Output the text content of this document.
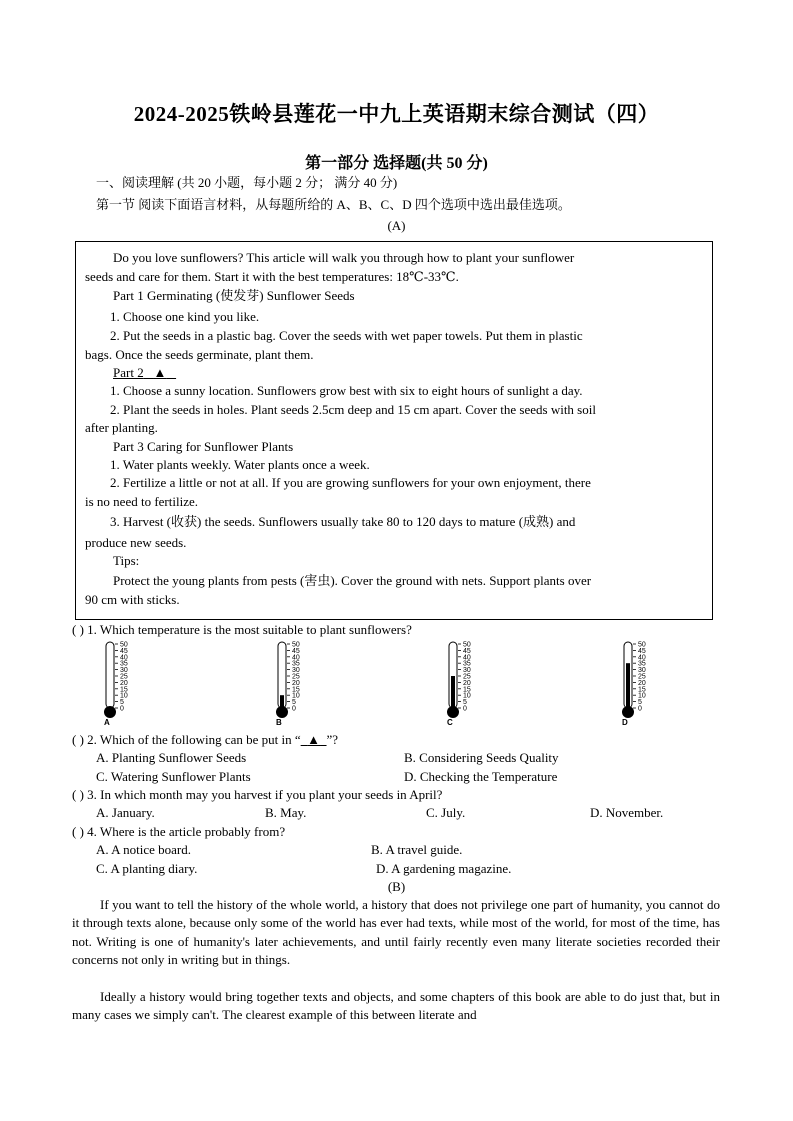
2024-2025铁岭县莲花一中九上英语期末综合测试（四）
第一部分 选择题(共 50 分)
一、阅读理解 (共 20 小题，每小题 2 分； 满分 40 分)
第一节 阅读下面语言材料，从每题所给的 A、B、C、D 四个选项中选出最佳选项。
(A)
Do you love sunflowers? This article will walk you through how to plant your sunflower
seeds and care for them. Start it with the best temperatures: 18℃-33℃.
Part 1 Germinating (使发芽) Sunflower Seeds
1. Choose one kind you like.
2. Put the seeds in a plastic bag. Cover the seeds with wet paper towels. Put them in plastic
bags. Once the seeds germinate, plant them.
Part 2 ▲
1. Choose a sunny location. Sunflowers grow best with six to eight hours of sunlight a day.
2. Plant the seeds in holes. Plant seeds 2.5cm deep and 15 cm apart. Cover the seeds with soil
after planting.
Part 3 Caring for Sunflower Plants
1. Water plants weekly. Water plants once a week.
2. Fertilize a little or not at all. If you are growing sunflowers for your own enjoyment, there
is no need to fertilize.
3. Harvest (收获) the seeds. Sunflowers usually take 80 to 120 days to mature (成熟) and
produce new seeds.
Tips:
Protect the young plants from pests (害虫). Cover the ground with nets. Support plants over
90 cm with sticks.
( ) 1. Which temperature is the most suitable to plant sunflowers?
50
45
40
35
30
25
20
15
10
5
0
A
50
45
40
35
30
25
20
15
10
5
0
B
50
45
40
35
30
25
20
15
10
5
0
C
50
45
40
35
30
25
20
15
10
5
0
D
( ) 2. Which of the following can be put in “ ▲ ”?
A. Planting Sunflower Seeds	B. Considering Seeds Quality
C. Watering Sunflower Plants	D. Checking the Temperature
( ) 3. In which month may you harvest if you plant your seeds in April?
A. January.	B. May.	C. July.	D. November.
( ) 4. Where is the article probably from?
A. A notice board.	B. A travel guide.
C. A planting diary.	D. A gardening magazine.
(B)
If you want to tell the history of the whole world, a history that does not privilege one part of humanity, you cannot do it through texts alone, because only some of the world has ever had texts, while most of the world, for most of the time, has not. Writing is one of humanity's later achievements, and until fairly recently even many literate societies recorded their concerns not only in writing but in things.
Ideally a history would bring together texts and objects, and some chapters of this book are able to do just that, but in many cases we simply can't. The clearest example of this between literate and
